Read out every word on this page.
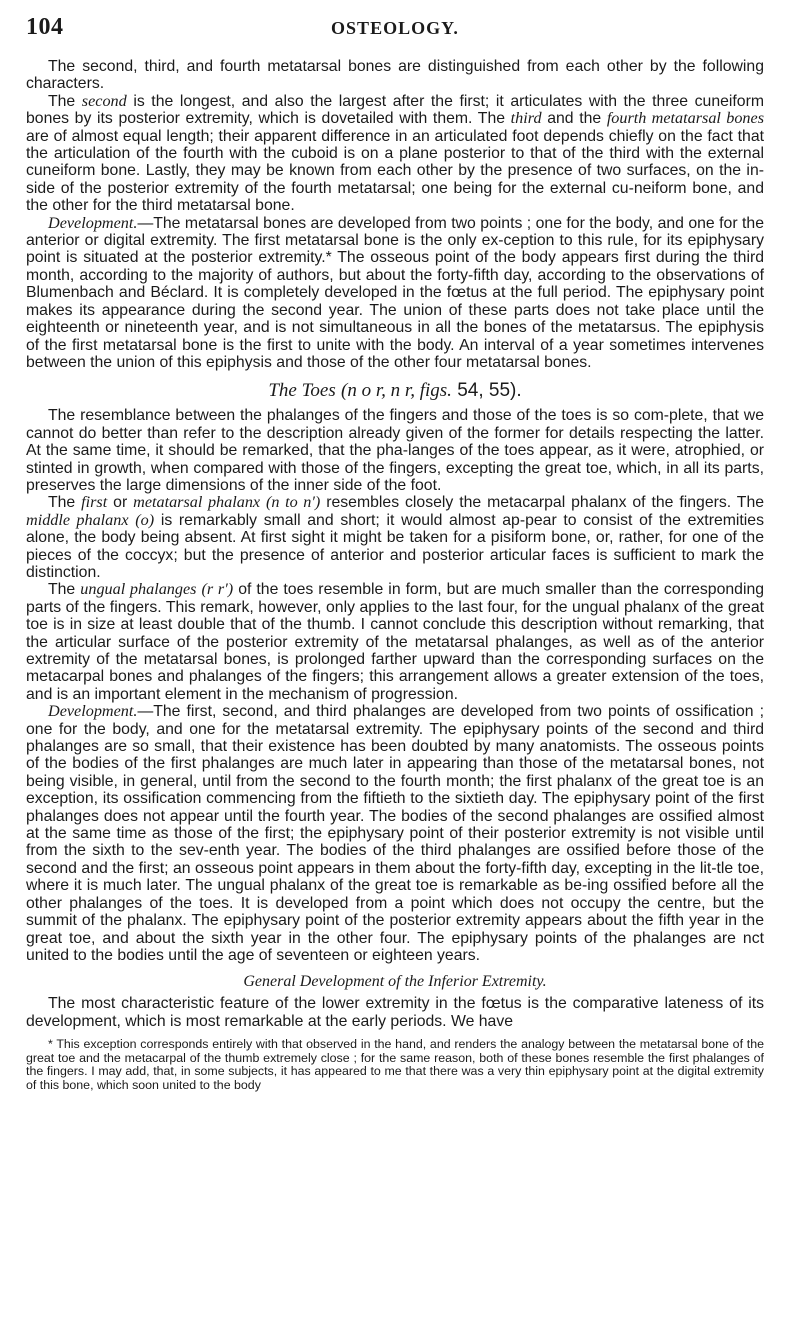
104	OSTEOLOGY.

The second, third, and fourth metatarsal bones are distinguished from each other by the following characters.

The second is the longest, and also the largest after the first; it articulates with the three cuneiform bones by its posterior extremity, which is dovetailed with them. The third and the fourth metatarsal bones are of almost equal length; their apparent difference in an articulated foot depends chiefly on the fact that the articulation of the fourth with the cuboid is on a plane posterior to that of the third with the external cuneiform bone. Lastly, they may be known from each other by the presence of two surfaces, on the in-side of the posterior extremity of the fourth metatarsal; one being for the external cu-neiform bone, and the other for the third metatarsal bone.

Development.—The metatarsal bones are developed from two points ; one for the body, and one for the anterior or digital extremity. The first metatarsal bone is the only ex-ception to this rule, for its epiphysary point is situated at the posterior extremity.* The osseous point of the body appears first during the third month, according to the majority of authors, but about the forty-fifth day, according to the observations of Blumenbach and Béclard. It is completely developed in the fœtus at the full period. The epiphysary point makes its appearance during the second year. The union of these parts does not take place until the eighteenth or nineteenth year, and is not simultaneous in all the bones of the metatarsus. The epiphysis of the first metatarsal bone is the first to unite with the body. An interval of a year sometimes intervenes between the union of this epiphysis and those of the other four metatarsal bones.

The Toes (n o r, n r, figs. 54, 55).

The resemblance between the phalanges of the fingers and those of the toes is so com-plete, that we cannot do better than refer to the description already given of the former for details respecting the latter. At the same time, it should be remarked, that the pha-langes of the toes appear, as it were, atrophied, or stinted in growth, when compared with those of the fingers, excepting the great toe, which, in all its parts, preserves the large dimensions of the inner side of the foot.

The first or metatarsal phalanx (n to n′) resembles closely the metacarpal phalanx of the fingers. The middle phalanx (o) is remarkably small and short; it would almost ap-pear to consist of the extremities alone, the body being absent. At first sight it might be taken for a pisiform bone, or, rather, for one of the pieces of the coccyx; but the presence of anterior and posterior articular faces is sufficient to mark the distinction.

The ungual phalanges (r r′) of the toes resemble in form, but are much smaller than the corresponding parts of the fingers. This remark, however, only applies to the last four, for the ungual phalanx of the great toe is in size at least double that of the thumb. I cannot conclude this description without remarking, that the articular surface of the posterior extremity of the metatarsal phalanges, as well as of the anterior extremity of the metatarsal bones, is prolonged farther upward than the corresponding surfaces on the metacarpal bones and phalanges of the fingers; this arrangement allows a greater extension of the toes, and is an important element in the mechanism of progression.

Development.—The first, second, and third phalanges are developed from two points of ossification ; one for the body, and one for the metatarsal extremity. The epiphysary points of the second and third phalanges are so small, that their existence has been doubted by many anatomists. The osseous points of the bodies of the first phalanges are much later in appearing than those of the metatarsal bones, not being visible, in general, until from the second to the fourth month; the first phalanx of the great toe is an exception, its ossification commencing from the fiftieth to the sixtieth day. The epiphysary point of the first phalanges does not appear until the fourth year. The bodies of the second phalanges are ossified almost at the same time as those of the first; the epiphysary point of their posterior extremity is not visible until from the sixth to the sev-enth year. The bodies of the third phalanges are ossified before those of the second and the first; an osseous point appears in them about the forty-fifth day, excepting in the lit-tle toe, where it is much later. The ungual phalanx of the great toe is remarkable as be-ing ossified before all the other phalanges of the toes. It is developed from a point which does not occupy the centre, but the summit of the phalanx. The epiphysary point of the posterior extremity appears about the fifth year in the great toe, and about the sixth year in the other four. The epiphysary points of the phalanges are nct united to the bodies until the age of seventeen or eighteen years.

General Development of the Inferior Extremity.

The most characteristic feature of the lower extremity in the fœtus is the comparative lateness of its development, which is most remarkable at the early periods. We have

* This exception corresponds entirely with that observed in the hand, and renders the analogy between the metatarsal bone of the great toe and the metacarpal of the thumb extremely close ; for the same reason, both of these bones resemble the first phalanges of the fingers. I may add, that, in some subjects, it has appeared to me that there was a very thin epiphysary point at the digital extremity of this bone, which soon united to the body
